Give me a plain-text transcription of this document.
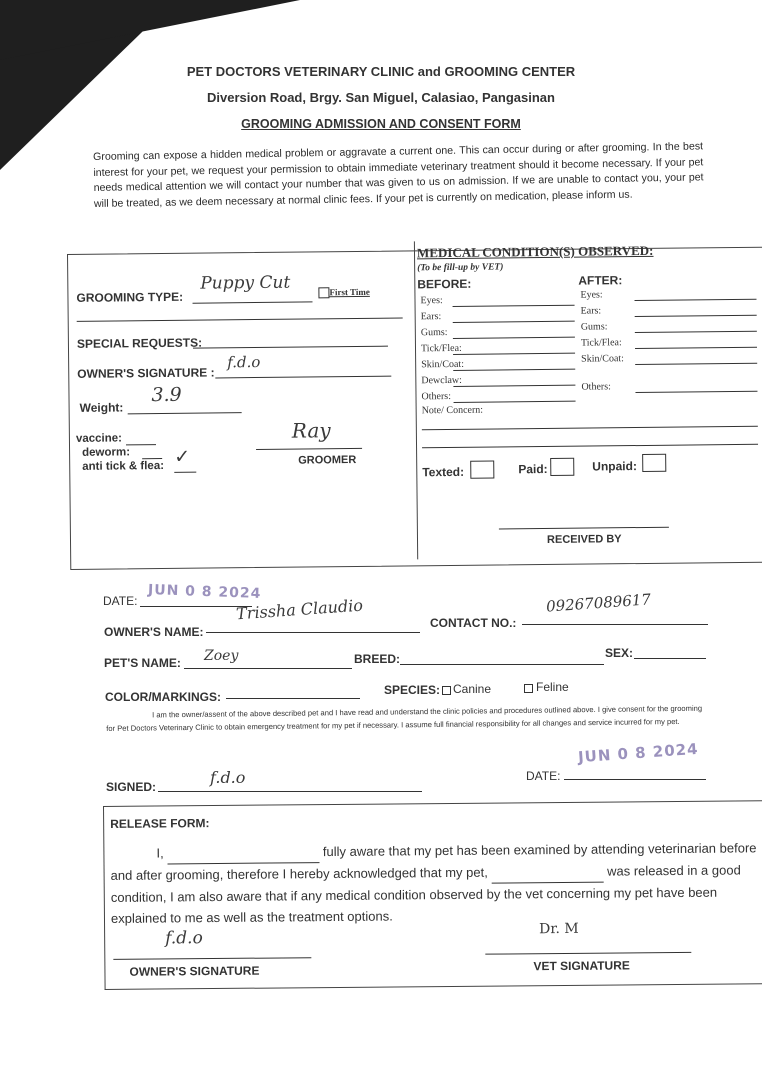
PET DOCTORS VETERINARY CLINIC and GROOMING CENTER
Diversion Road, Brgy. San Miguel, Calasiao, Pangasinan
GROOMING ADMISSION AND CONSENT FORM
Grooming can expose a hidden medical problem or aggravate a current one. This can occur during or after grooming. In the best interest for your pet, we request your permission to obtain immediate veterinary treatment should it become necessary. If your pet needs medical attention we will contact your number that was given to us on admission. If we are unable to contact you, your pet will be treated, as we deem necessary at normal clinic fees. If your pet is currently on medication, please inform us.
GROOMING TYPE:
Puppy Cut	First Time
SPECIAL REQUESTS:
OWNER'S SIGNATURE :
f.d.o
Weight:
3.9
vaccine:
deworm:
anti tick & flea: ✓
Ray
GROOMER
MEDICAL CONDITION(S) OBSERVED:
(To be fill-up by VET)
BEFORE:	AFTER:
Note/ Concern:
Texted:	Paid:	Unpaid:
RECEIVED BY
Eyes:
Ears:
Gums:
Tick/Flea:
Skin/Coat:
Dewclaw:
Others:
Eyes:
Ears:
Gums:
Tick/Flea:
Skin/Coat:
Others:
DATE: JUN 0 8 2024
OWNER'S NAME:
Trissha Claudio	CONTACT NO.:
09267089617
PET'S NAME: Zoey	BREED:	SEX:
COLOR/MARKINGS:	SPECIES: Canine	Feline
I am the owner/assent of the above described pet and I have read and understand the clinic policies and procedures outlined above. I give consent for the grooming for Pet Doctors Veterinary Clinic to obtain emergency treatment for my pet if necessary. I assume full financial responsibility for all changes and service incurred for my pet.
SIGNED:	f.d.o	DATE:
JUN 0 8 2024
RELEASE FORM:
I,	fully aware that my pet has been examined by attending veterinarian before and after grooming, therefore I hereby acknowledged that my pet,	was released in a good condition, I am also aware that if any medical condition observed by the vet concerning my pet have been explained to me as well as the treatment options.
f.d.o
OWNER'S SIGNATURE
Dr. M
VET SIGNATURE
